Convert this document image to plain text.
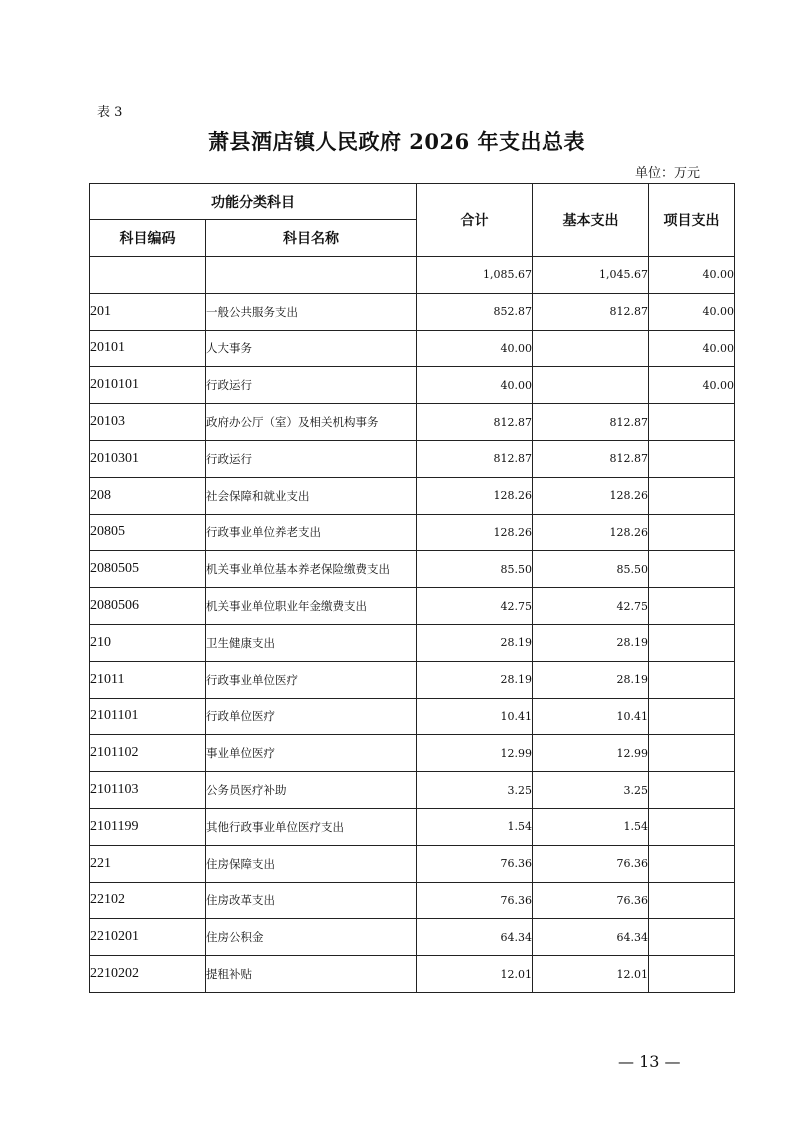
表 3
萧县酒店镇人民政府 2026 年支出总表
单位：万元
功能分类科目		合计	基本支出	项目支出
科目编码	科目名称			
		1,085.67	1,045.67	40.00
201	一般公共服务支出	852.87	812.87	40.00
20101	人大事务	40.00		40.00
2010101	行政运行	40.00		40.00
20103	政府办公厅（室）及相关机构事务	812.87	812.87	
2010301	行政运行	812.87	812.87	
208	社会保障和就业支出	128.26	128.26	
20805	行政事业单位养老支出	128.26	128.26	
2080505	机关事业单位基本养老保险缴费支出	85.50	85.50	
2080506	机关事业单位职业年金缴费支出	42.75	42.75	
210	卫生健康支出	28.19	28.19	
21011	行政事业单位医疗	28.19	28.19	
2101101	行政单位医疗	10.41	10.41	
2101102	事业单位医疗	12.99	12.99	
2101103	公务员医疗补助	3.25	3.25	
2101199	其他行政事业单位医疗支出	1.54	1.54	
221	住房保障支出	76.36	76.36	
22102	住房改革支出	76.36	76.36	
2210201	住房公积金	64.34	64.34	
2210202	提租补贴	12.01	12.01	
— 13 —
